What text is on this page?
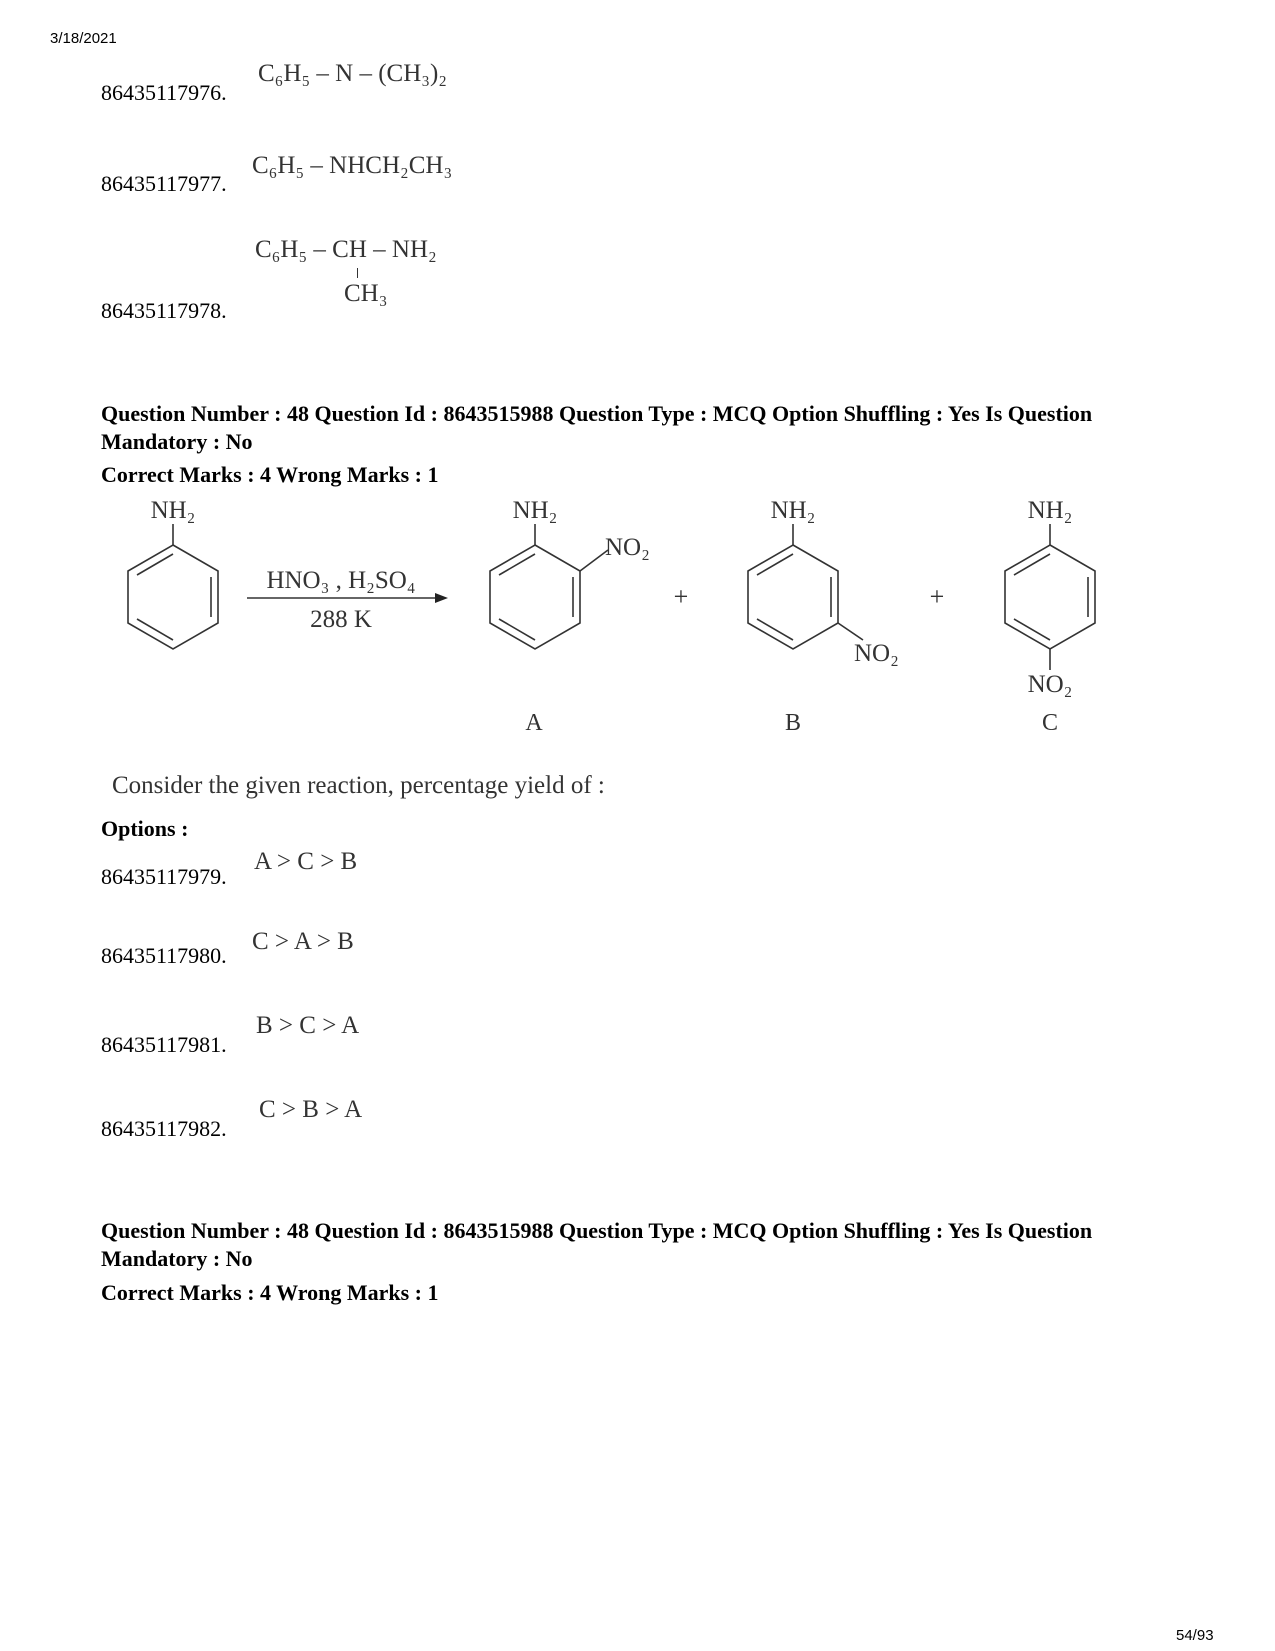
3/18/2021
86435117976.
C₆H₅ – N – (CH₃)₂
86435117977.
C₆H₅ – NHCH₂CH₃
86435117978.
C₆H₅ – CH – NH₂
CH₃
Question Number : 48 Question Id : 8643515988 Question Type : MCQ Option Shuffling : Yes Is Question Mandatory : No
Correct Marks : 4 Wrong Marks : 1
NH₂	NH₂	NH₂	NH₂
HNO₃ , H₂SO₄
288 K
NO₂
NO₂
NO₂
+	+
A	B	C
Consider the given reaction, percentage yield of :
Options :
86435117979.
A > C > B
86435117980.
C > A > B
86435117981.
B > C > A
86435117982.
C > B > A
Question Number : 48 Question Id : 8643515988 Question Type : MCQ Option Shuffling : Yes Is Question Mandatory : No
Correct Marks : 4 Wrong Marks : 1
54/93
